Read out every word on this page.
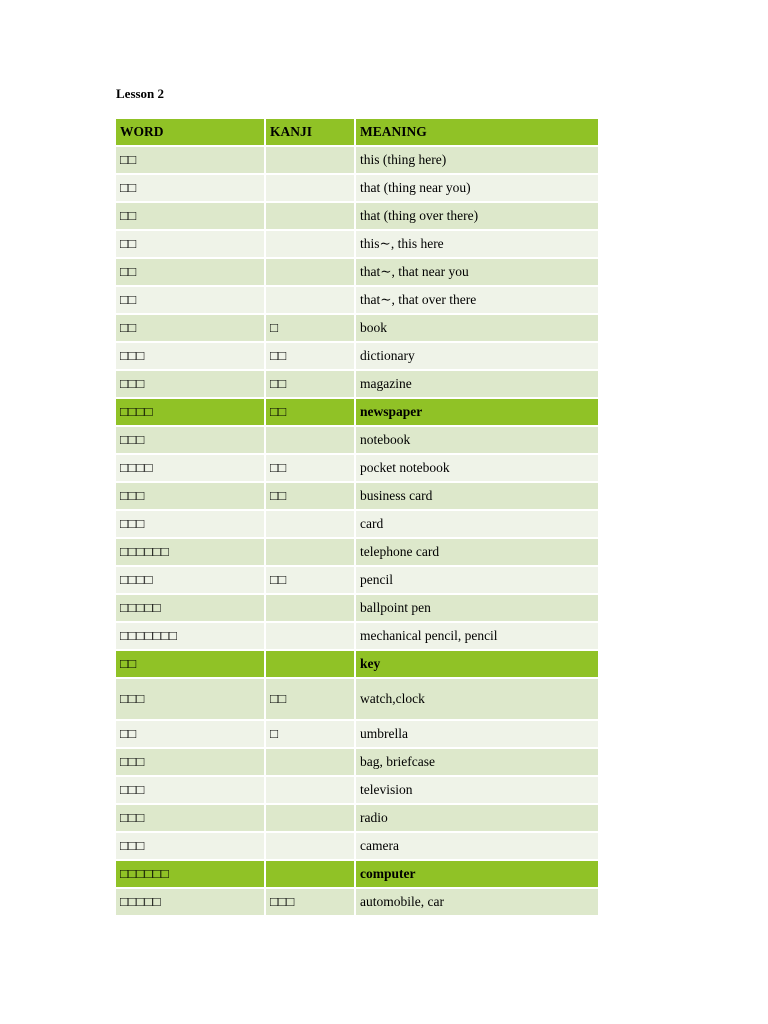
Lesson 2
WORD	KANJI	MEANING
□□		this (thing here)
□□		that (thing near you)
□□		that (thing over there)
□□		this∼, this here
□□		that∼, that near you
□□		that∼, that over there
□□	□	book
□□□	□□	dictionary
□□□	□□	magazine
□□□□	□□	newspaper
□□□		notebook
□□□□	□□	pocket notebook
□□□	□□	business card
□□□		card
□□□□□□		telephone card
□□□□	□□	pencil
□□□□□		ballpoint pen
□□□□□□□		mechanical pencil, pencil
□□		key
□□□	□□	watch,clock
□□	□	umbrella
□□□		bag, briefcase
□□□		television
□□□		radio
□□□		camera
□□□□□□		computer
□□□□□	□□□	automobile, car
